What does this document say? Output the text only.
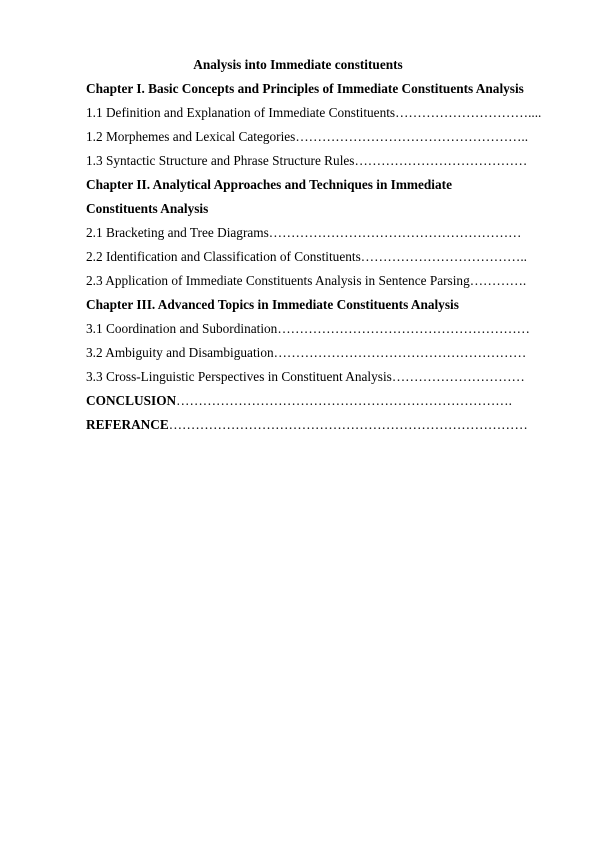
Analysis into Immediate constituents
Chapter I. Basic Concepts and Principles of Immediate Constituents Analysis
1.1 Definition and Explanation of Immediate Constituents…………………………....
1.2 Morphemes and Lexical Categories……………………………………………..
1.3 Syntactic Structure and Phrase Structure Rules…………………………………
Chapter II. Analytical Approaches and Techniques in Immediate
Constituents Analysis
2.1 Bracketing and Tree Diagrams…………………………………………………
2.2 Identification and Classification of Constituents………………………………..
2.3 Application of Immediate Constituents Analysis in Sentence Parsing………….
Chapter III. Advanced Topics in Immediate Constituents Analysis
3.1 Coordination and Subordination…………………………………………………
3.2 Ambiguity and Disambiguation…………………………………………………
3.3 Cross-Linguistic Perspectives in Constituent Analysis…………………………
CONCLUSION………………………………………………………………….
REFERANCE………………………………………………………………………
